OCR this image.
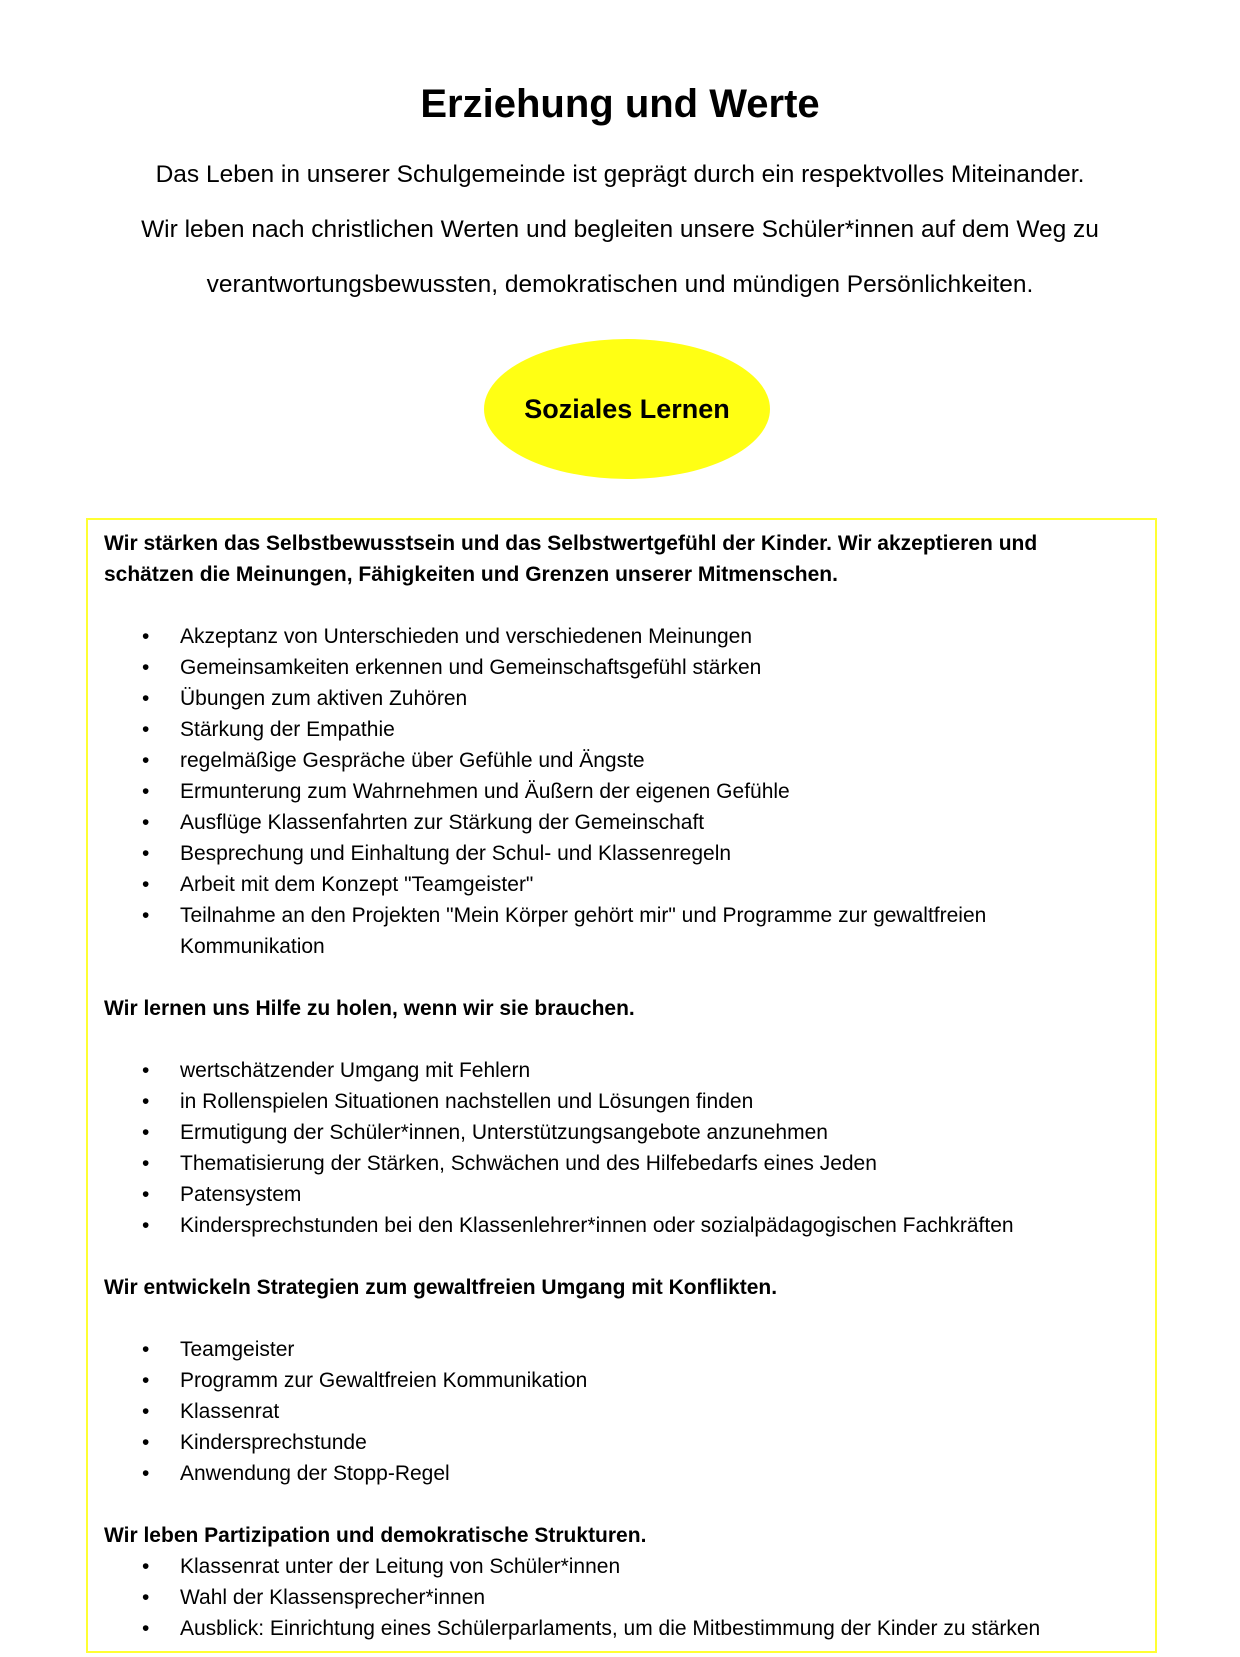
Erziehung und Werte
Das Leben in unserer Schulgemeinde ist geprägt durch ein respektvolles Miteinander.
Wir leben nach christlichen Werten und begleiten unsere Schüler*innen auf dem Weg zu
verantwortungsbewussten, demokratischen und mündigen Persönlichkeiten.
Soziales Lernen
Wir stärken das Selbstbewusstsein und das Selbstwertgefühl der Kinder. Wir akzeptieren und
schätzen die Meinungen, Fähigkeiten und Grenzen unserer Mitmenschen.
• Akzeptanz von Unterschieden und verschiedenen Meinungen
• Gemeinsamkeiten erkennen und Gemeinschaftsgefühl stärken
• Übungen zum aktiven Zuhören
• Stärkung der Empathie
• regelmäßige Gespräche über Gefühle und Ängste
• Ermunterung zum Wahrnehmen und Äußern der eigenen Gefühle
• Ausflüge Klassenfahrten zur Stärkung der Gemeinschaft
• Besprechung und Einhaltung der Schul- und Klassenregeln
• Arbeit mit dem Konzept "Teamgeister"
• Teilnahme an den Projekten "Mein Körper gehört mir" und Programme zur gewaltfreien
Kommunikation
Wir lernen uns Hilfe zu holen, wenn wir sie brauchen.
• wertschätzender Umgang mit Fehlern
• in Rollenspielen Situationen nachstellen und Lösungen finden
• Ermutigung der Schüler*innen, Unterstützungsangebote anzunehmen
• Thematisierung der Stärken, Schwächen und des Hilfebedarfs eines Jeden
• Patensystem
• Kindersprechstunden bei den Klassenlehrer*innen oder sozialpädagogischen Fachkräften
Wir entwickeln Strategien zum gewaltfreien Umgang mit Konflikten.
• Teamgeister
• Programm zur Gewaltfreien Kommunikation
• Klassenrat
• Kindersprechstunde
• Anwendung der Stopp-Regel
Wir leben Partizipation und demokratische Strukturen.
• Klassenrat unter der Leitung von Schüler*innen
• Wahl der Klassensprecher*innen
• Ausblick: Einrichtung eines Schülerparlaments, um die Mitbestimmung der Kinder zu stärken
